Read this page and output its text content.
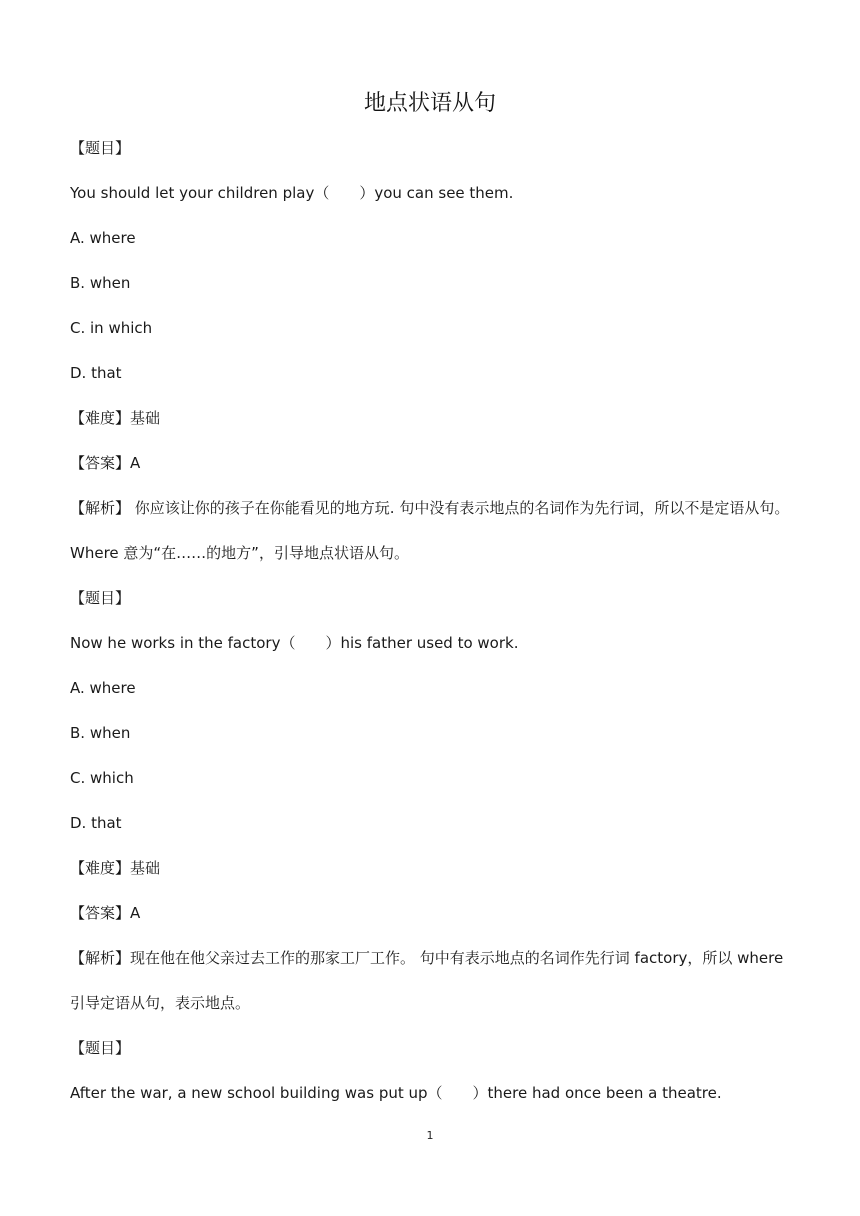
地点状语从句
【题目】
You should let your children play（　　）you can see them.
A. where
B. when
C. in which
D. that
【难度】基础
【答案】A
【解析】 你应该让你的孩子在你能看见的地方玩. 句中没有表示地点的名词作为先行词，所以不是定语从句。
Where 意为“在……的地方”，引导地点状语从句。
【题目】
Now he works in the factory（　　）his father used to work.
A. where
B. when
C. which
D. that
【难度】基础
【答案】A
【解析】现在他在他父亲过去工作的那家工厂工作。 句中有表示地点的名词作先行词 factory，所以 where
引导定语从句，表示地点。
【题目】
After the war, a new school building was put up（　　）there had once been a theatre.
1
